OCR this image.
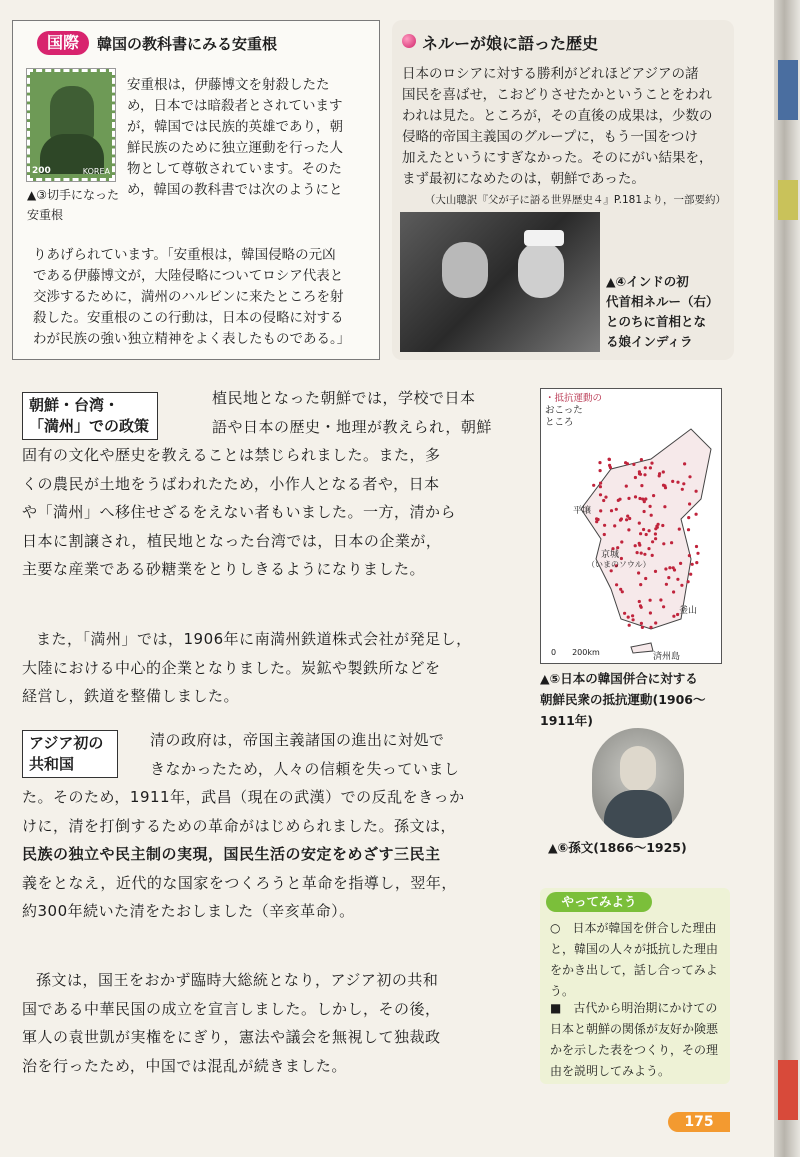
国際	韓国の教科書にみる安重根
200	KOREA
▲③切手になった安重根
安重根は，伊藤博文を射殺したた
め，日本では暗殺者とされています
が，韓国では民族的英雄であり，朝
鮮民族のために独立運動を行った人
物として尊敬されています。そのた
め，韓国の教科書では次のようにと
りあげられています。「安重根は，韓国侵略の元凶
である伊藤博文が，大陸侵略についてロシア代表と
交渉するために，満州のハルビンに来たところを射
殺した。安重根のこの行動は，日本の侵略に対する
わが民族の強い独立精神をよく表したものである。」
ネルーが娘に語った歴史
日本のロシアに対する勝利がどれほどアジアの諸
国民を喜ばせ，こおどりさせたかということをわれ
われは見た。ところが，その直後の成果は，少数の
侵略的帝国主義国のグループに，もう一国をつけ
加えたというにすぎなかった。そのにがい結果を，
まず最初になめたのは，朝鮮であった。
（大山聰訳『父が子に語る世界歴史４』P.181より，一部要約）
▲④インドの初
代首相ネルー（右）
とのちに首相とな
る娘インディラ
朝鮮・台湾・
「満州」での政策
植民地となった朝鮮では，学校で日本
語や日本の歴史・地理が教えられ，朝鮮
固有の文化や歴史を教えることは禁じられました。また，多
くの農民が土地をうばわれたため，小作人となる者や，日本
や「満州」へ移住せざるをえない者もいました。一方，清から
日本に割譲され，植民地となった台湾では，日本の企業が，
主要な産業である砂糖業をとりしきるようになりました。
また，「満州」では，1906年に南満州鉄道株式会社が発足し，
大陸における中心的企業となりました。炭鉱や製鉄所などを
経営し，鉄道を整備しました。
アジア初の
共和国
清の政府は，帝国主義諸国の進出に対処で
きなかったため，人々の信頼を失っていまし
た。そのため，1911年，武昌（現在の武漢）での反乱をきっか
けに，清を打倒するための革命がはじめられました。孫文は，
民族の独立や民主制の実現，国民生活の安定をめざす三民主
義をとなえ，近代的な国家をつくろうと革命を指導し，翌年，
約300年続いた清をたおしました（辛亥革命）。
孫文は，国王をおかず臨時大総統となり，アジア初の共和
国である中華民国の成立を宣言しました。しかし，その後，
軍人の袁世凱が実権をにぎり，憲法や議会を無視して独裁政
治を行ったため，中国では混乱が続きました。
・抵抗運動の
おこった
ところ
平壌
京城
（いまのソウル）
釜山
済州島
0　　200km
▲⑤日本の韓国併合に対する
朝鮮民衆の抵抗運動(1906～
1911年)
▲⑥孫文(1866～1925)
やってみよう
○　日本が韓国を併合した理由と，韓国の人々が抵抗した理由をかき出して，話し合ってみよう。
■　古代から明治期にかけての日本と朝鮮の関係が友好か険悪かを示した表をつくり，その理由を説明してみよう。
175
